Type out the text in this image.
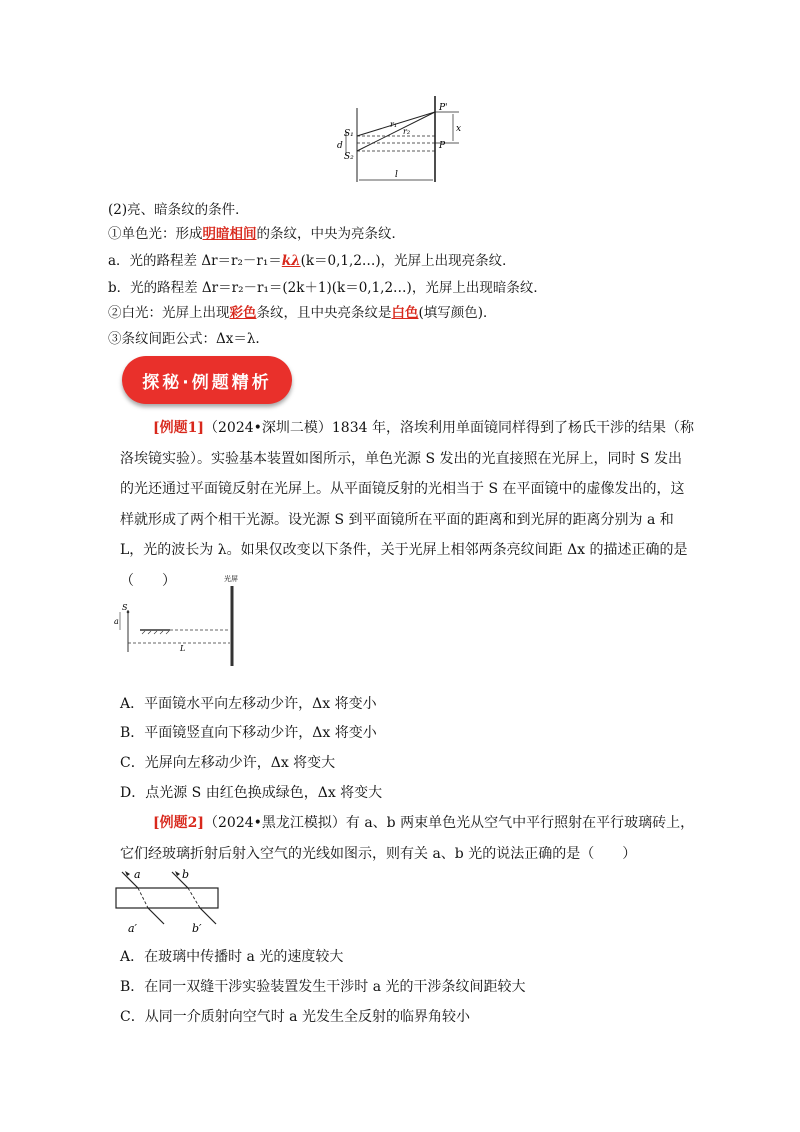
S₁
S₂
d
r₁
r₂
P'
P
x
l
(2)亮、暗条纹的条件．
①单色光：形成明暗相间的条纹，中央为亮条纹．
a．光的路程差 Δr＝r₂－r₁＝kλ(k＝0,1,2…)，光屏上出现亮条纹．
b．光的路程差 Δr＝r₂－r₁＝(2k＋1)(k＝0,1,2…)，光屏上出现暗条纹．
②白光：光屏上出现彩色条纹，且中央亮条纹是白色(填写颜色)．
③条纹间距公式：Δx＝λ.
探秘·例题精析
[例题1]（2024•深圳二模）1834 年，洛埃利用单面镜同样得到了杨氏干涉的结果（称洛埃镜实验）。实验基本装置如图所示，单色光源 S 发出的光直接照在光屏上，同时 S 发出的光还通过平面镜反射在光屏上。从平面镜反射的光相当于 S 在平面镜中的虚像发出的，这样就形成了两个相干光源。设光源 S 到平面镜所在平面的距离和到光屏的距离分别为 a 和 L，光的波长为 λ。如果仅改变以下条件，关于光屏上相邻两条亮纹间距 Δx 的描述正确的是（　　）	光屏
S
a
L
A．平面镜水平向左移动少许，Δx 将变小
B．平面镜竖直向下移动少许，Δx 将变小
C．光屏向左移动少许，Δx 将变大
D．点光源 S 由红色换成绿色，Δx 将变大
[例题2]（2024•黑龙江模拟）有 a、b 两束单色光从空气中平行照射在平行玻璃砖上，它们经玻璃折射后射入空气的光线如图示，则有关 a、b 光的说法正确的是（　　）
a	b
a′	b′
A．在玻璃中传播时 a 光的速度较大
B．在同一双缝干涉实验装置发生干涉时 a 光的干涉条纹间距较大
C．从同一介质射向空气时 a 光发生全反射的临界角较小
